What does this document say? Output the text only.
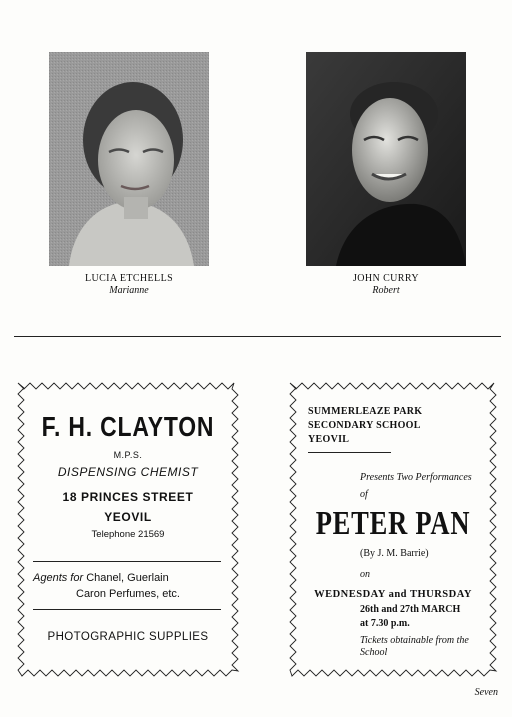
LUCIA ETCHELLS
Marianne
JOHN CURRY
Robert
F. H. CLAYTON
M.P.S.
DISPENSING CHEMIST
18 PRINCES STREET
YEOVIL
Telephone 21569
Agents for Chanel, Guerlain
Caron Perfumes, etc.
PHOTOGRAPHIC SUPPLIES
SUMMERLEAZE PARK
SECONDARY SCHOOL
YEOVIL
Presents Two Performances
of
PETER PAN
(By J. M. Barrie)
on
WEDNESDAY and THURSDAY
26th and 27th MARCH
at 7.30 p.m.
Tickets obtainable from the
School
Seven
